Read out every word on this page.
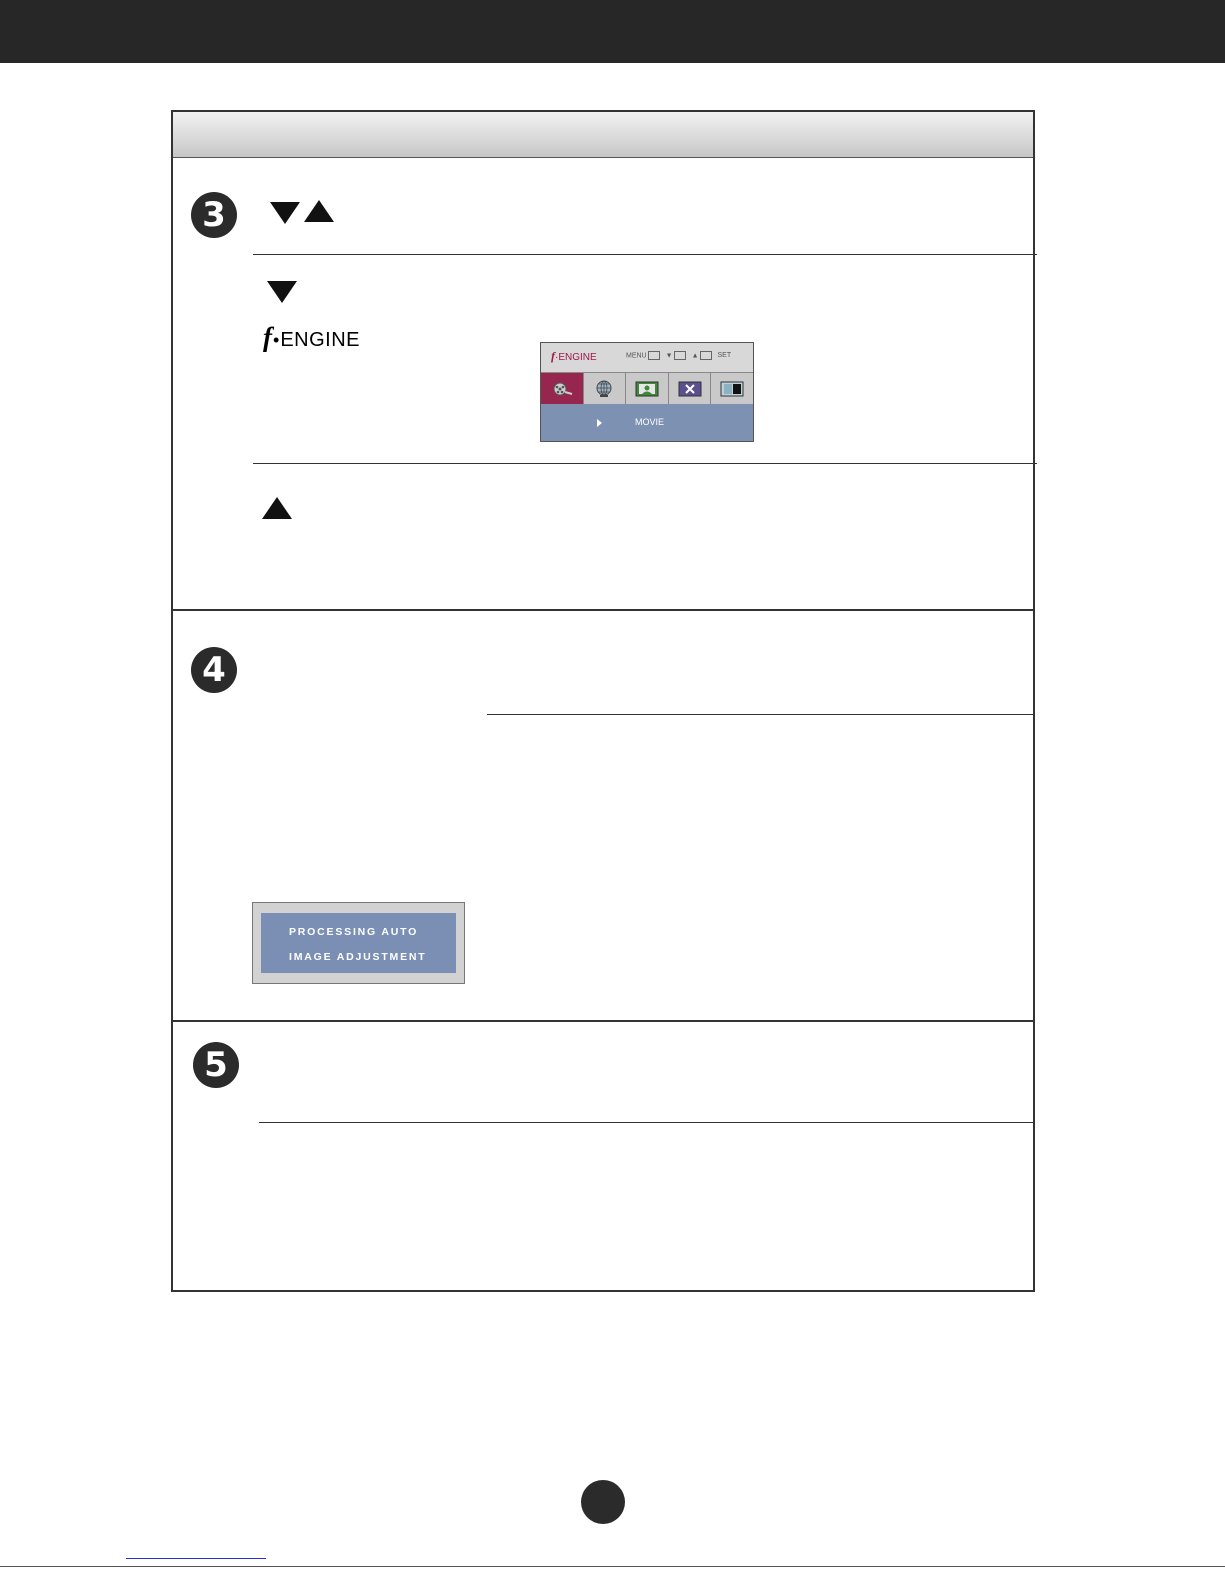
3
f • ENGINE
f·ENGINE	MENU	▼	▲	SET
MOVIE
4
PROCESSING AUTO
IMAGE ADJUSTMENT
5
